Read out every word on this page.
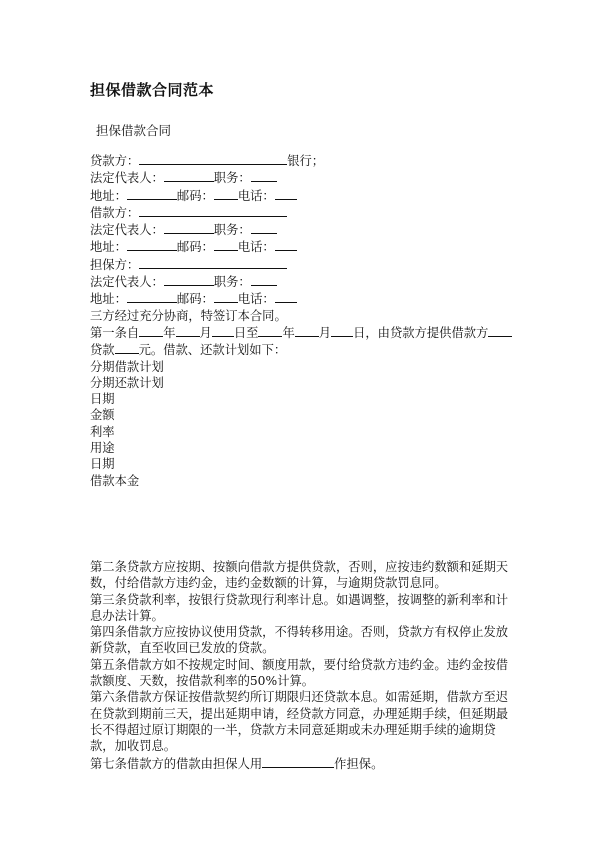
担保借款合同范本
担保借款合同
贷款方：	银行；
法定代表人：	职务：
地址：	邮码： 电话：
借款方：
法定代表人：	职务：
地址：	邮码： 电话：
担保方：
法定代表人：	职务：
地址：	邮码： 电话：
三方经过充分协商，特签订本合同。
第一条自 年 月 日至 年 月 日，由贷款方提供借款方
贷款 元。借款、还款计划如下：
分期借款计划
分期还款计划
日期
金额
利率
用途
日期
借款本金
第二条贷款方应按期、按额向借款方提供贷款，否则，应按违约数额和延期天数，付给借款方违约金，违约金数额的计算，与逾期贷款罚息同。
第三条贷款利率，按银行贷款现行利率计息。如遇调整，按调整的新利率和计息办法计算。
第四条借款方应按协议使用贷款，不得转移用途。否则，贷款方有权停止发放新贷款，直至收回已发放的贷款。
第五条借款方如不按规定时间、额度用款，要付给贷款方违约金。违约金按借款额度、天数，按借款利率的50%计算。
第六条借款方保证按借款契约所订期限归还贷款本息。如需延期，借款方至迟在贷款到期前三天，提出延期申请，经贷款方同意，办理延期手续，但延期最长不得超过原订期限的一半，贷款方未同意延期或未办理延期手续的逾期贷款，加收罚息。
第七条借款方的借款由担保人用	作担保。
